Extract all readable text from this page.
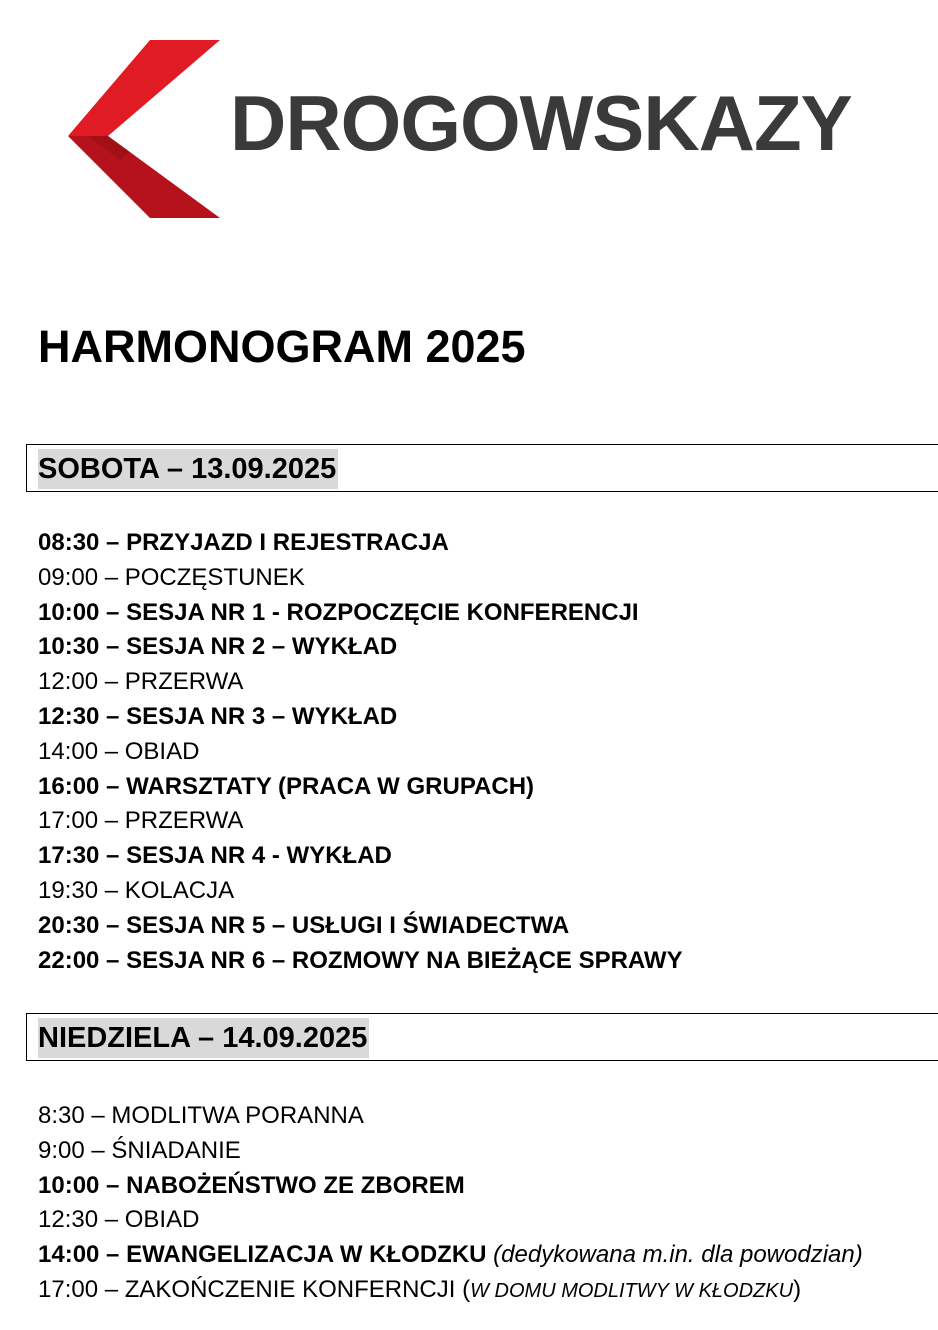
DROGOWSKAZY
HARMONOGRAM 2025
SOBOTA – 13.09.2025
08:30 – PRZYJAZD I REJESTRACJA
09:00 – POCZĘSTUNEK
10:00 – SESJA NR 1 - ROZPOCZĘCIE KONFERENCJI
10:30 – SESJA NR 2 – WYKŁAD
12:00 – PRZERWA
12:30 – SESJA NR 3 – WYKŁAD
14:00 – OBIAD
16:00 – WARSZTATY (PRACA W GRUPACH)
17:00 – PRZERWA
17:30 – SESJA NR 4 - WYKŁAD
19:30 – KOLACJA
20:30 – SESJA NR 5 – USŁUGI I ŚWIADECTWA
22:00 – SESJA NR 6 – ROZMOWY NA BIEŻĄCE SPRAWY
NIEDZIELA – 14.09.2025
8:30 – MODLITWA PORANNA
9:00 – ŚNIADANIE
10:00 – NABOŻEŃSTWO ZE ZBOREM
12:30 – OBIAD
14:00 – EWANGELIZACJA W KŁODZKU (dedykowana m.in. dla powodzian)
17:00 – ZAKOŃCZENIE KONFERNCJI (W DOMU MODLITWY W KŁODZKU)
